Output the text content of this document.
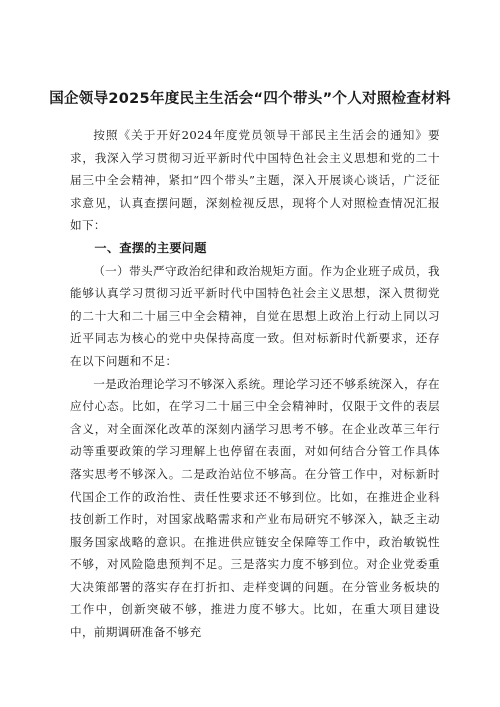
国企领导2025年度民主生活会“四个带头”个人对照检查材料

按照《关于开好2024年度党员领导干部民主生活会的通知》要求，我深入学习贯彻习近平新时代中国特色社会主义思想和党的二十届三中全会精神，紧扣“四个带头”主题，深入开展谈心谈话，广泛征求意见，认真查摆问题，深刻检视反思，现将个人对照检查情况汇报如下：

一、查摆的主要问题

（一）带头严守政治纪律和政治规矩方面。作为企业班子成员，我能够认真学习贯彻习近平新时代中国特色社会主义思想，深入贯彻党的二十大和二十届三中全会精神，自觉在思想上政治上行动上同以习近平同志为核心的党中央保持高度一致。但对标新时代新要求，还存在以下问题和不足：

一是政治理论学习不够深入系统。理论学习还不够系统深入，存在应付心态。比如，在学习二十届三中全会精神时，仅限于文件的表层含义，对全面深化改革的深刻内涵学习思考不够。在企业改革三年行动等重要政策的学习理解上也停留在表面，对如何结合分管工作具体落实思考不够深入。二是政治站位不够高。在分管工作中，对标新时代国企工作的政治性、责任性要求还不够到位。比如，在推进企业科技创新工作时，对国家战略需求和产业布局研究不够深入，缺乏主动服务国家战略的意识。在推进供应链安全保障等工作中，政治敏锐性不够，对风险隐患预判不足。三是落实力度不够到位。对企业党委重大决策部署的落实存在打折扣、走样变调的问题。在分管业务板块的工作中，创新突破不够，推进力度不够大。比如，在重大项目建设中，前期调研准备不够充
